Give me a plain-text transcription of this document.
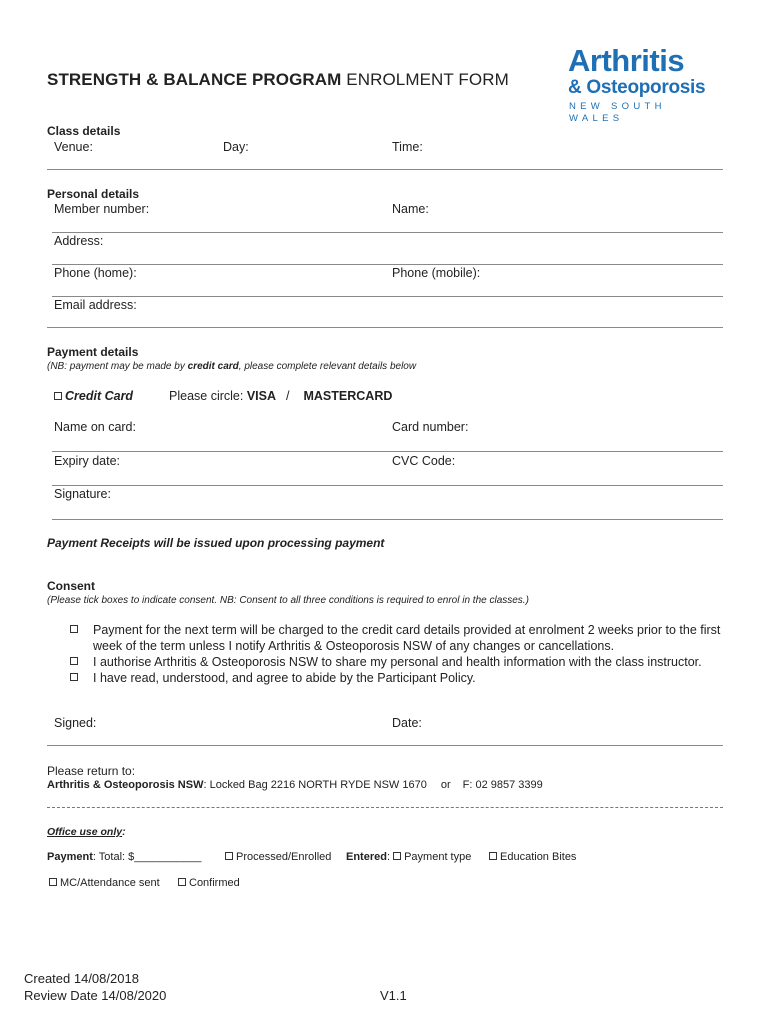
STRENGTH & BALANCE PROGRAM ENROLMENT FORM
Arthritis
& Osteoporosis
NEW SOUTH WALES
Class details
Venue:	Day:	Time:
Personal details
Member number:	Name:
Address:
Phone (home):	Phone (mobile):
Email address:
Payment details
(NB: payment may be made by credit card, please complete relevant details below
Credit Card	Please circle: VISA / MASTERCARD
Name on card:	Card number:
Expiry date:	CVC Code:
Signature:
Payment Receipts will be issued upon processing payment
Consent
(Please tick boxes to indicate consent. NB: Consent to all three conditions is required to enrol in the classes.)
Payment for the next term will be charged to the credit card details provided at enrolment 2 weeks prior to the first week of the term unless I notify Arthritis & Osteoporosis NSW of any changes or cancellations.
I authorise Arthritis & Osteoporosis NSW to share my personal and health information with the class instructor.
I have read, understood, and agree to abide by the Participant Policy.
Signed:	Date:
Please return to:
Arthritis & Osteoporosis NSW: Locked Bag 2216 NORTH RYDE NSW 1670 or F: 02 9857 3399
Office use only:
Payment: Total: $___________	Processed/Enrolled Entered: Payment type	Education Bites
MC/Attendance sent	Confirmed
Created 14/08/2018
Review Date 14/08/2020	V1.1
